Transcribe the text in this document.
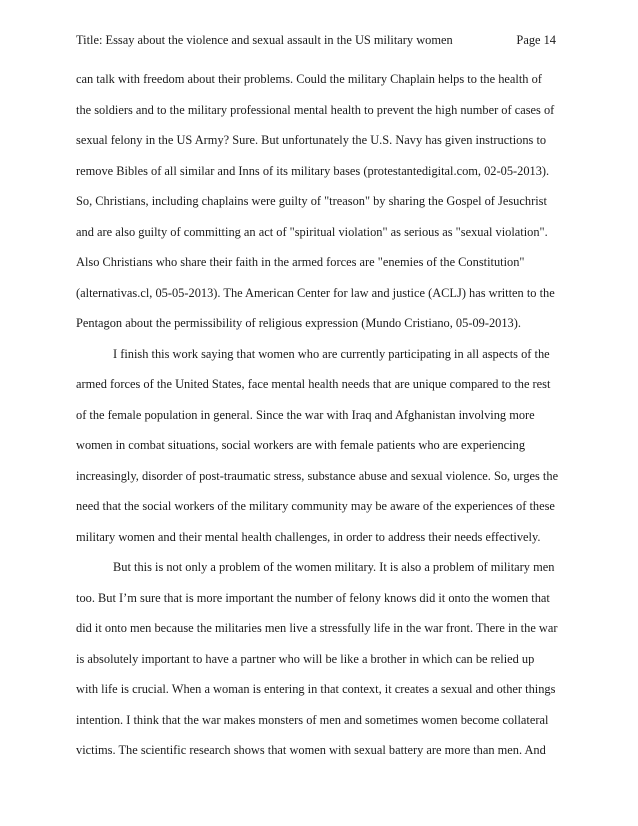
Title: Essay about the violence and sexual assault in the US military women	Page 14
can talk with freedom about their problems. Could the military Chaplain helps to the health of
the soldiers and to the military professional mental health to prevent the high number of cases of
sexual felony in the US Army? Sure. But unfortunately the U.S. Navy has given instructions to
remove Bibles of all similar and Inns of its military bases (protestantedigital.com, 02-05-2013).
So, Christians, including chaplains were guilty of "treason" by sharing the Gospel of Jesuchrist
and are also guilty of committing an act of "spiritual violation" as serious as "sexual violation".
Also Christians who share their faith in the armed forces are "enemies of the Constitution"
(alternativas.cl, 05-05-2013). The American Center for law and justice (ACLJ) has written to the
Pentagon about the permissibility of religious expression (Mundo Cristiano, 05-09-2013).
I finish this work saying that women who are currently participating in all aspects of the
armed forces of the United States, face mental health needs that are unique compared to the rest
of the female population in general. Since the war with Iraq and Afghanistan involving more
women in combat situations, social workers are with female patients who are experiencing
increasingly, disorder of post-traumatic stress, substance abuse and sexual violence. So, urges the
need that the social workers of the military community may be aware of the experiences of these
military women and their mental health challenges, in order to address their needs effectively.
But this is not only a problem of the women military. It is also a problem of military men
too. But I’m sure that is more important the number of felony knows did it onto the women that
did it onto men because the militaries men live a stressfully life in the war front. There in the war
is absolutely important to have a partner who will be like a brother in which can be relied up
with life is crucial. When a woman is entering in that context, it creates a sexual and other things
intention. I think that the war makes monsters of men and sometimes women become collateral
victims. The scientific research shows that women with sexual battery are more than men. And
